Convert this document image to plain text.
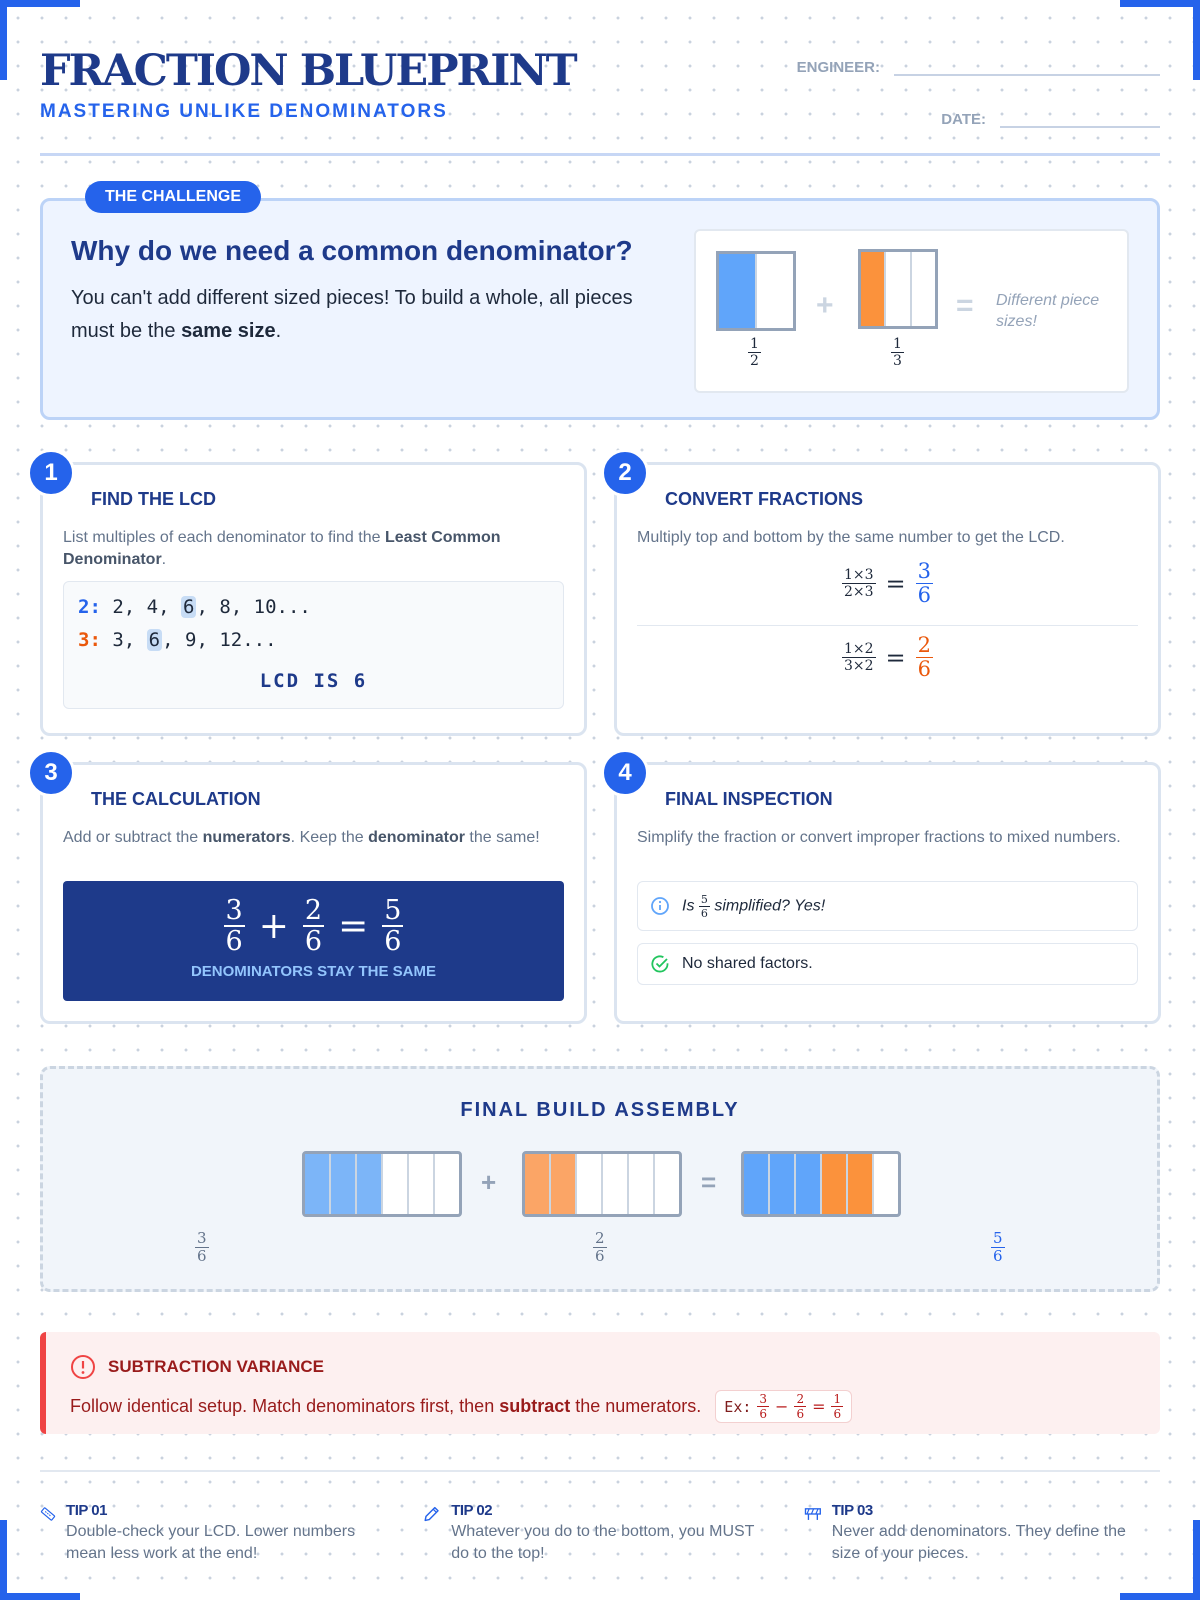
FRACTION BLUEPRINT
MASTERING UNLIKE DENOMINATORS
ENGINEER:
DATE:
THE CHALLENGE
Why do we need a common denominator?
You can't add different sized pieces! To build a whole, all pieces must be the same size.
$\frac{1}{2}$
+
$\frac{1}{3}$
= Different piece sizes!
1
FIND THE LCD
List multiples of each denominator to find the Least Common Denominator.
2: 2, 4, 6 , 8, 10...
3: 3, 6 , 9, 12...
LCD IS 6
2
CONVERT FRACTIONS
Multiply top and bottom by the same number to get the LCD.
$\frac{1\times 3}{2\times 3} = \frac{3}{6}$
$\frac{1\times 2}{3\times 2} = \frac{2}{6}$
3
THE CALCULATION
Add or subtract the numerators. Keep the denominator the same!
$\frac{3}{6} + \frac{2}{6} = \frac{5}{6}$
DENOMINATORS STAY THE SAME
4
FINAL INSPECTION
Simplify the fraction or convert improper fractions to mixed numbers.
Is $\frac{5}{6}$ simplified? Yes!
No shared factors.
FINAL BUILD ASSEMBLY
+	=
$\frac{3}{6}$	$\frac{2}{6}$	$\frac{5}{6}$
SUBTRACTION VARIANCE
Follow identical setup. Match denominators first, then subtract the numerators. Ex: $\frac{3}{6} - \frac{2}{6} = \frac{1}{6}$
TIP 01
Double-check your LCD. Lower numbers mean less work at the end!
TIP 02
Whatever you do to the bottom, you MUST do to the top!
TIP 03
Never add denominators. They define the size of your pieces.
